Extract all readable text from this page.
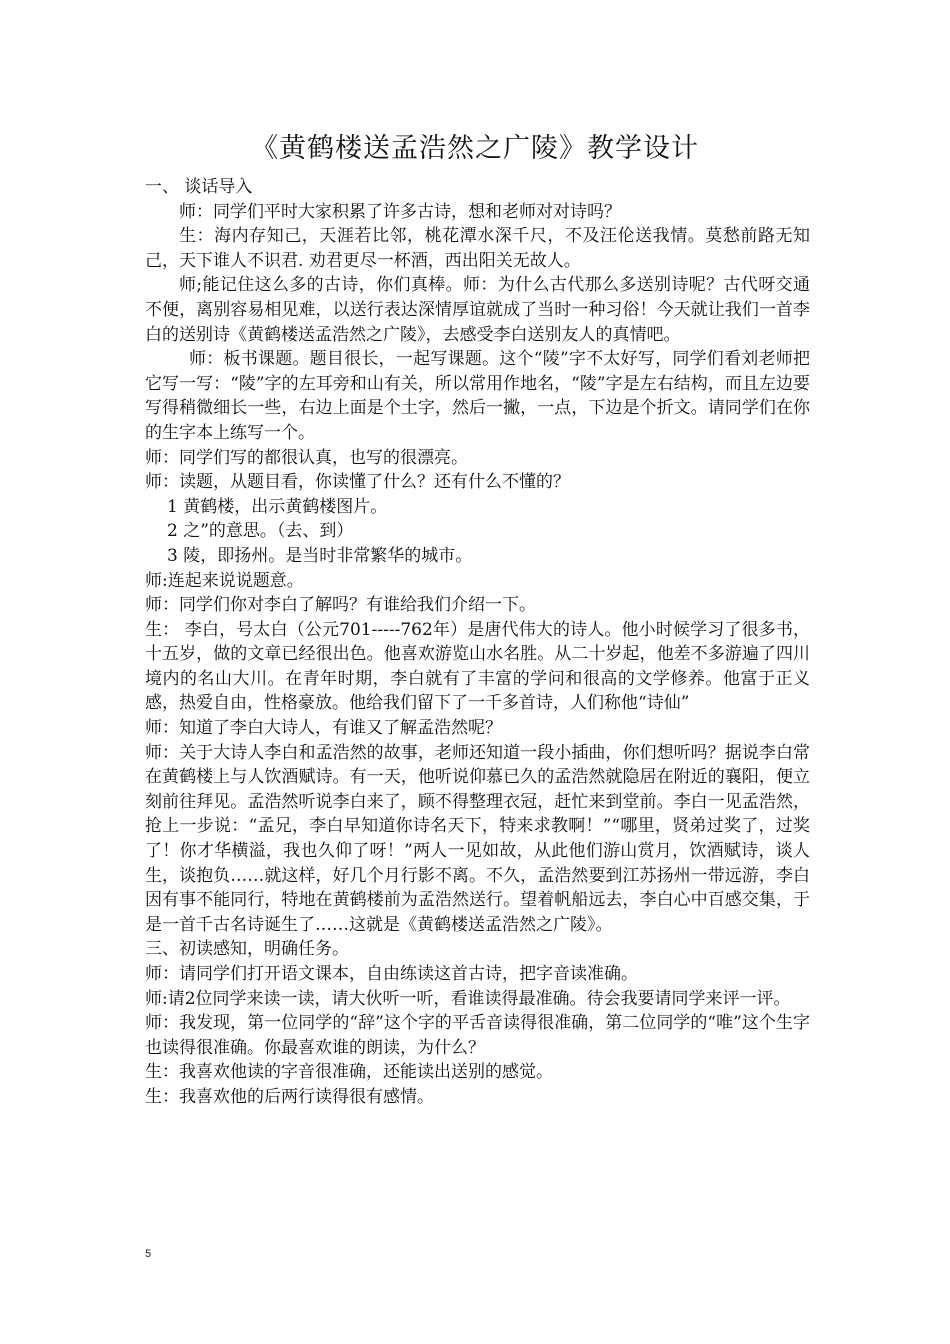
《黄鹤楼送孟浩然之广陵》教学设计

一、 谈话导入

师：同学们平时大家积累了许多古诗，想和老师对对诗吗？

生：海内存知己，天涯若比邻，桃花潭水深千尺，不及汪伦送我情。莫愁前路无知己，天下谁人不识君. 劝君更尽一杯酒，西出阳关无故人。

师;能记住这么多的古诗，你们真棒。师：为什么古代那么多送别诗呢？古代呀交通不便，离别容易相见难，以送行表达深情厚谊就成了当时一种习俗！今天就让我们一首李白的送别诗《黄鹤楼送孟浩然之广陵》，去感受李白送别友人的真情吧。

师：板书课题。题目很长，一起写课题。这个“陵”字不太好写，同学们看刘老师把它写一写：“陵”字的左耳旁和山有关，所以常用作地名，“陵”字是左右结构，而且左边要写得稍微细长一些，右边上面是个土字，然后一撇，一点，下边是个折文。请同学们在你的生字本上练写一个。

师：同学们写的都很认真，也写的很漂亮。

师：读题，从题目看，你读懂了什么？还有什么不懂的？

1 黄鹤楼，出示黄鹤楼图片。

2 之”的意思。（去、到）

3 陵，即扬州。是当时非常繁华的城市。

师:连起来说说题意。

师：同学们你对李白了解吗？有谁给我们介绍一下。

生： 李白，号太白（公元701-----762年）是唐代伟大的诗人。他小时候学习了很多书，十五岁，做的文章已经很出色。他喜欢游览山水名胜。从二十岁起，他差不多游遍了四川境内的名山大川。在青年时期，李白就有了丰富的学问和很高的文学修养。他富于正义感，热爱自由，性格豪放。他给我们留下了一千多首诗，人们称他“诗仙”

师：知道了李白大诗人，有谁又了解孟浩然呢？

师：关于大诗人李白和孟浩然的故事，老师还知道一段小插曲，你们想听吗？据说李白常在黄鹤楼上与人饮酒赋诗。有一天，他听说仰慕已久的孟浩然就隐居在附近的襄阳，便立刻前往拜见。孟浩然听说李白来了，顾不得整理衣冠，赶忙来到堂前。李白一见孟浩然，抢上一步说：“孟兄，李白早知道你诗名天下，特来求教啊！”“哪里，贤弟过奖了，过奖了！你才华横溢，我也久仰了呀！”两人一见如故，从此他们游山赏月，饮酒赋诗，谈人生，谈抱负……就这样，好几个月行影不离。不久，孟浩然要到江苏扬州一带远游，李白因有事不能同行，特地在黄鹤楼前为孟浩然送行。望着帆船远去，李白心中百感交集，于是一首千古名诗诞生了……这就是《黄鹤楼送孟浩然之广陵》。

三、初读感知，明确任务。

师：请同学们打开语文课本，自由练读这首古诗，把字音读准确。

师:请2位同学来读一读，请大伙听一听，看谁读得最准确。待会我要请同学来评一评。

师：我发现，第一位同学的“辞”这个字的平舌音读得很准确，第二位同学的“唯”这个生字也读得很准确。你最喜欢谁的朗读，为什么？

生：我喜欢他读的字音很准确，还能读出送别的感觉。

生：我喜欢他的后两行读得很有感情。

5
